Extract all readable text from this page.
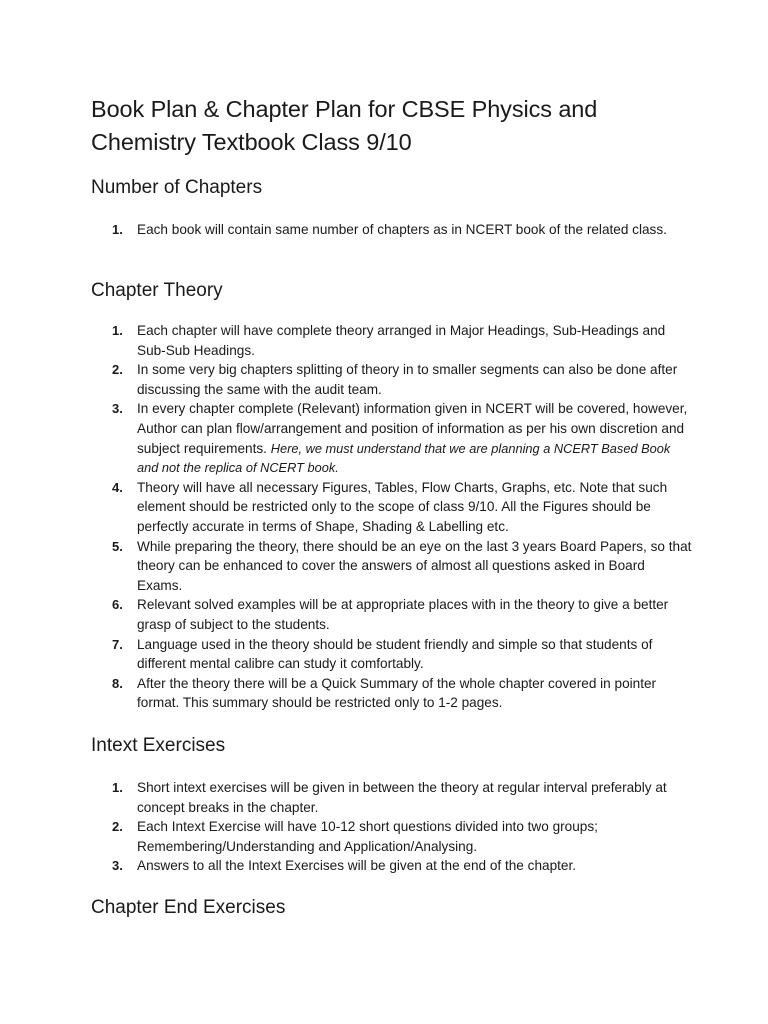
Book Plan & Chapter Plan for CBSE Physics and
Chemistry Textbook Class 9/10
Number of Chapters
1.	Each book will contain same number of chapters as in NCERT book of the related class.
Chapter Theory
1.	Each chapter will have complete theory arranged in Major Headings, Sub-Headings and Sub-Sub Headings.
2.	In some very big chapters splitting of theory in to smaller segments can also be done after discussing the same with the audit team.
3.	In every chapter complete (Relevant) information given in NCERT will be covered, however, Author can plan flow/arrangement and position of information as per his own discretion and subject requirements. Here, we must understand that we are planning a NCERT Based Book and not the replica of NCERT book.
4.	Theory will have all necessary Figures, Tables, Flow Charts, Graphs, etc. Note that such element should be restricted only to the scope of class 9/10. All the Figures should be perfectly accurate in terms of Shape, Shading & Labelling etc.
5.	While preparing the theory, there should be an eye on the last 3 years Board Papers, so that theory can be enhanced to cover the answers of almost all questions asked in Board Exams.
6.	Relevant solved examples will be at appropriate places with in the theory to give a better grasp of subject to the students.
7.	Language used in the theory should be student friendly and simple so that students of different mental calibre can study it comfortably.
8.	After the theory there will be a Quick Summary of the whole chapter covered in pointer format. This summary should be restricted only to 1-2 pages.
Intext Exercises
1.	Short intext exercises will be given in between the theory at regular interval preferably at concept breaks in the chapter.
2.	Each Intext Exercise will have 10-12 short questions divided into two groups; Remembering/Understanding and Application/Analysing.
3.	Answers to all the Intext Exercises will be given at the end of the chapter.
Chapter End Exercises
